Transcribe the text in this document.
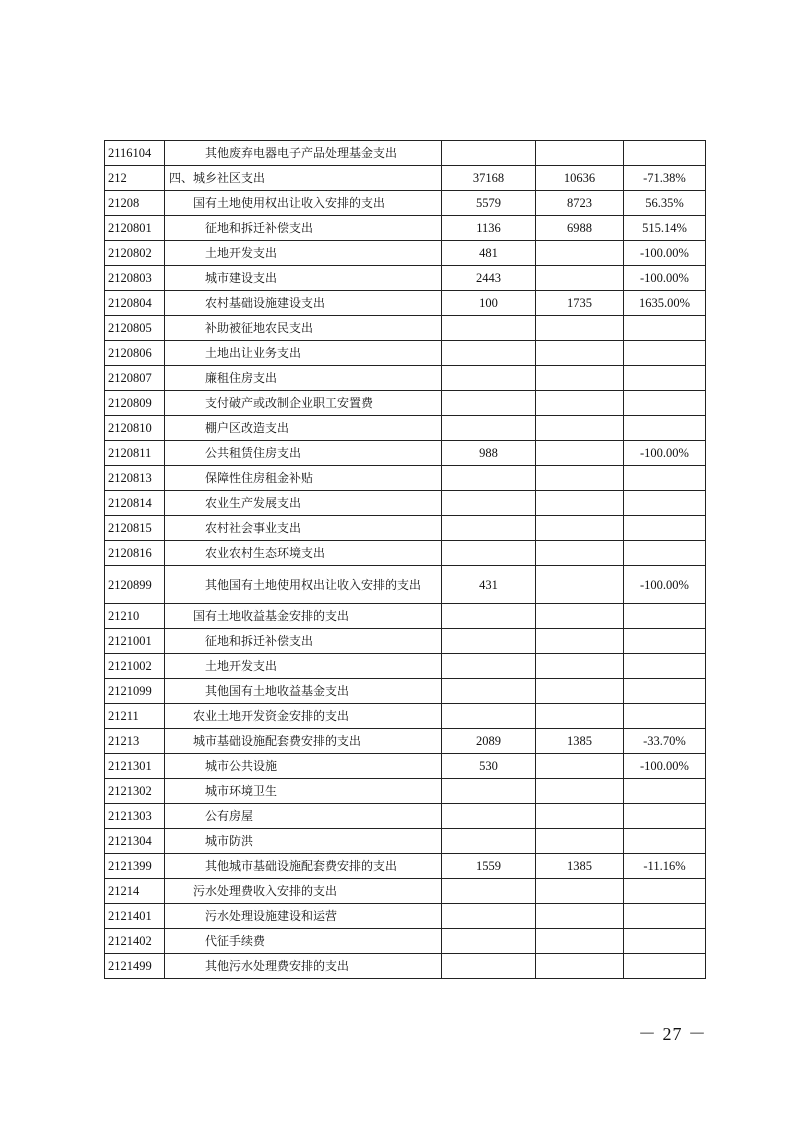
2116104	其他废弃电器电子产品处理基金支出			
212	四、城乡社区支出	37168	10636	-71.38%
21208	国有土地使用权出让收入安排的支出	5579	8723	56.35%
2120801	征地和拆迁补偿支出	1136	6988	515.14%
2120802	土地开发支出	481		-100.00%
2120803	城市建设支出	2443		-100.00%
2120804	农村基础设施建设支出	100	1735	1635.00%
2120805	补助被征地农民支出			
2120806	土地出让业务支出			
2120807	廉租住房支出			
2120809	支付破产或改制企业职工安置费			
2120810	棚户区改造支出			
2120811	公共租赁住房支出	988		-100.00%
2120813	保障性住房租金补贴			
2120814	农业生产发展支出			
2120815	农村社会事业支出			
2120816	农业农村生态环境支出			
2120899	其他国有土地使用权出让收入安排的支出	431		-100.00%
21210	国有土地收益基金安排的支出			
2121001	征地和拆迁补偿支出			
2121002	土地开发支出			
2121099	其他国有土地收益基金支出			
21211	农业土地开发资金安排的支出			
21213	城市基础设施配套费安排的支出	2089	1385	-33.70%
2121301	城市公共设施	530		-100.00%
2121302	城市环境卫生			
2121303	公有房屋			
2121304	城市防洪			
2121399	其他城市基础设施配套费安排的支出	1559	1385	-11.16%
21214	污水处理费收入安排的支出			
2121401	污水处理设施建设和运营			
2121402	代征手续费			
2121499	其他污水处理费安排的支出			
－ 27 －
